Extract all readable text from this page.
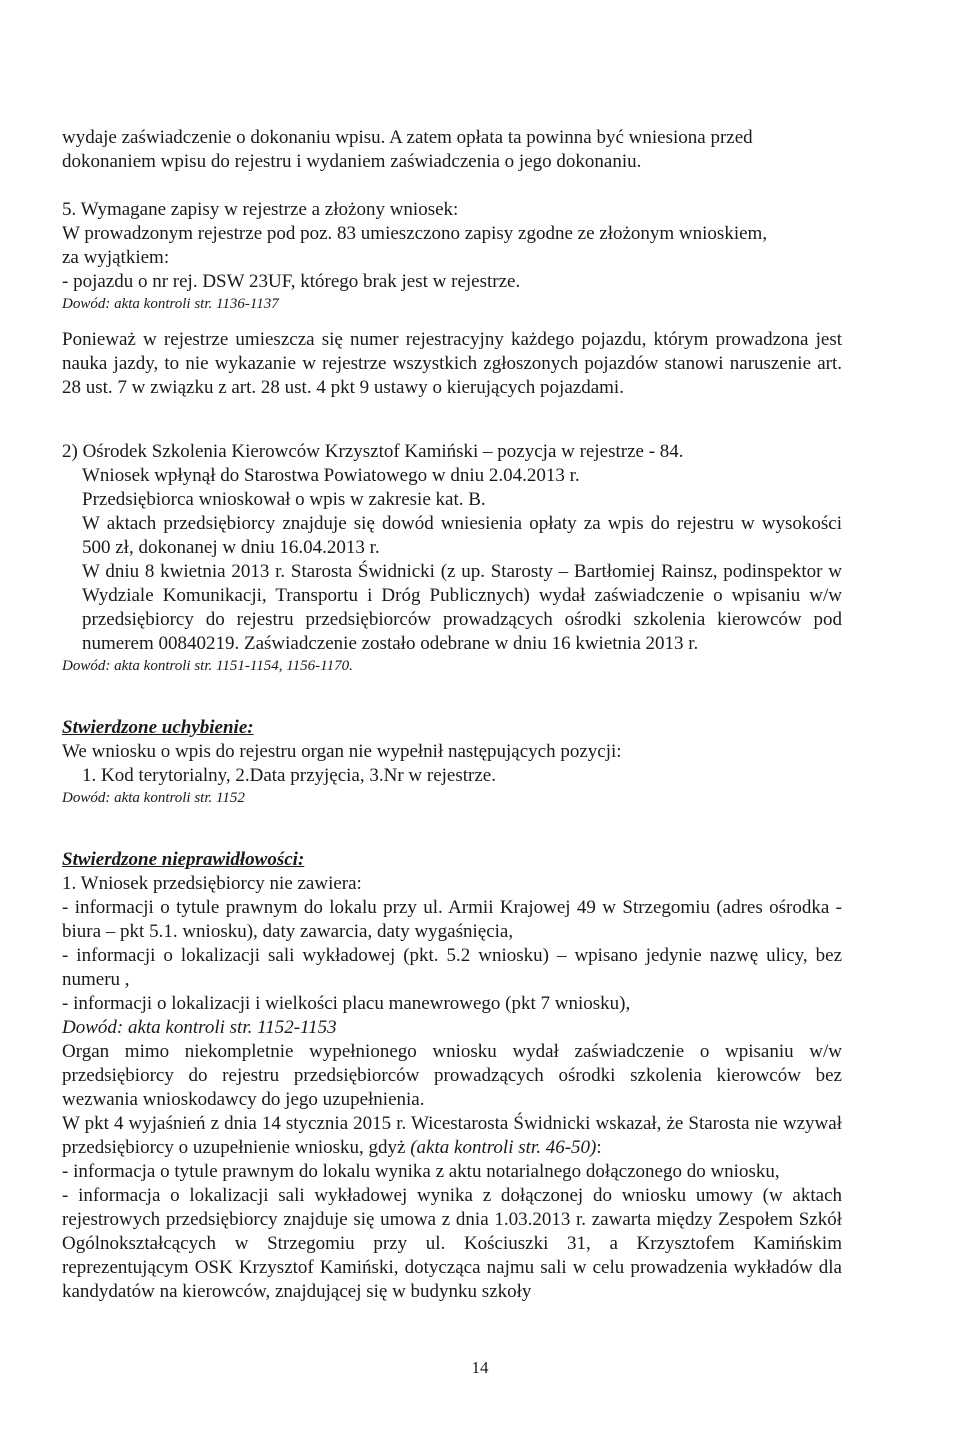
wydaje zaświadczenie o dokonaniu wpisu. A zatem opłata ta powinna być wniesiona przed

dokonaniem wpisu do rejestru i wydaniem zaświadczenia o jego dokonaniu.

5. Wymagane zapisy w rejestrze a złożony wniosek:

W prowadzonym rejestrze pod poz. 83 umieszczono zapisy zgodne ze złożonym wnioskiem,

za wyjątkiem:

- pojazdu o nr rej. DSW 23UF, którego brak jest w rejestrze.

Dowód: akta kontroli str. 1136-1137

Ponieważ w rejestrze umieszcza się numer rejestracyjny każdego pojazdu, którym prowadzona jest nauka jazdy, to nie wykazanie w rejestrze wszystkich zgłoszonych pojazdów stanowi naruszenie art. 28 ust. 7 w związku z art. 28 ust. 4 pkt 9 ustawy o kierujących pojazdami.

2) Ośrodek Szkolenia Kierowców Krzysztof Kamiński – pozycja w rejestrze - 84.

Wniosek wpłynął do Starostwa Powiatowego w dniu 2.04.2013 r.

Przedsiębiorca wnioskował o wpis w zakresie kat. B.

W aktach przedsiębiorcy znajduje się dowód wniesienia opłaty za wpis do rejestru w wysokości 500 zł, dokonanej w dniu 16.04.2013 r.

W dniu 8 kwietnia 2013 r. Starosta Świdnicki (z up. Starosty – Bartłomiej Rainsz, podinspektor w Wydziale Komunikacji, Transportu i Dróg Publicznych) wydał zaświadczenie o wpisaniu w/w przedsiębiorcy do rejestru przedsiębiorców prowadzących ośrodki szkolenia kierowców pod numerem 00840219. Zaświadczenie zostało odebrane w dniu 16 kwietnia 2013 r.

Dowód: akta kontroli str. 1151-1154, 1156-1170.

Stwierdzone uchybienie:

We wniosku o wpis do rejestru organ nie wypełnił następujących pozycji:

1. Kod terytorialny, 2.Data przyjęcia, 3.Nr w rejestrze.

Dowód: akta kontroli str. 1152

Stwierdzone nieprawidłowości:

1. Wniosek przedsiębiorcy nie zawiera:

- informacji o tytule prawnym do lokalu przy ul. Armii Krajowej 49 w Strzegomiu (adres ośrodka -biura – pkt 5.1. wniosku), daty zawarcia, daty wygaśnięcia,

- informacji o lokalizacji sali wykładowej (pkt. 5.2 wniosku) – wpisano jedynie nazwę ulicy, bez numeru ,

- informacji o lokalizacji i wielkości placu manewrowego (pkt 7 wniosku),

Dowód: akta kontroli str. 1152-1153

Organ mimo niekompletnie wypełnionego wniosku wydał zaświadczenie o wpisaniu w/w przedsiębiorcy do rejestru przedsiębiorców prowadzących ośrodki szkolenia kierowców bez wezwania wnioskodawcy do jego uzupełnienia.

W pkt 4 wyjaśnień z dnia 14 stycznia 2015 r. Wicestarosta Świdnicki wskazał, że Starosta nie wzywał przedsiębiorcy o uzupełnienie wniosku, gdyż (akta kontroli str. 46-50):

- informacja o tytule prawnym do lokalu wynika z aktu notarialnego dołączonego do wniosku,

- informacja o lokalizacji sali wykładowej wynika z dołączonej do wniosku umowy (w aktach rejestrowych przedsiębiorcy znajduje się umowa z dnia 1.03.2013 r. zawarta między Zespołem Szkół Ogólnokształcących w Strzegomiu przy ul. Kościuszki 31, a Krzysztofem Kamińskim reprezentującym OSK Krzysztof Kamiński, dotycząca najmu sali w celu prowadzenia wykładów dla kandydatów na kierowców, znajdującej się w budynku szkoły

14
